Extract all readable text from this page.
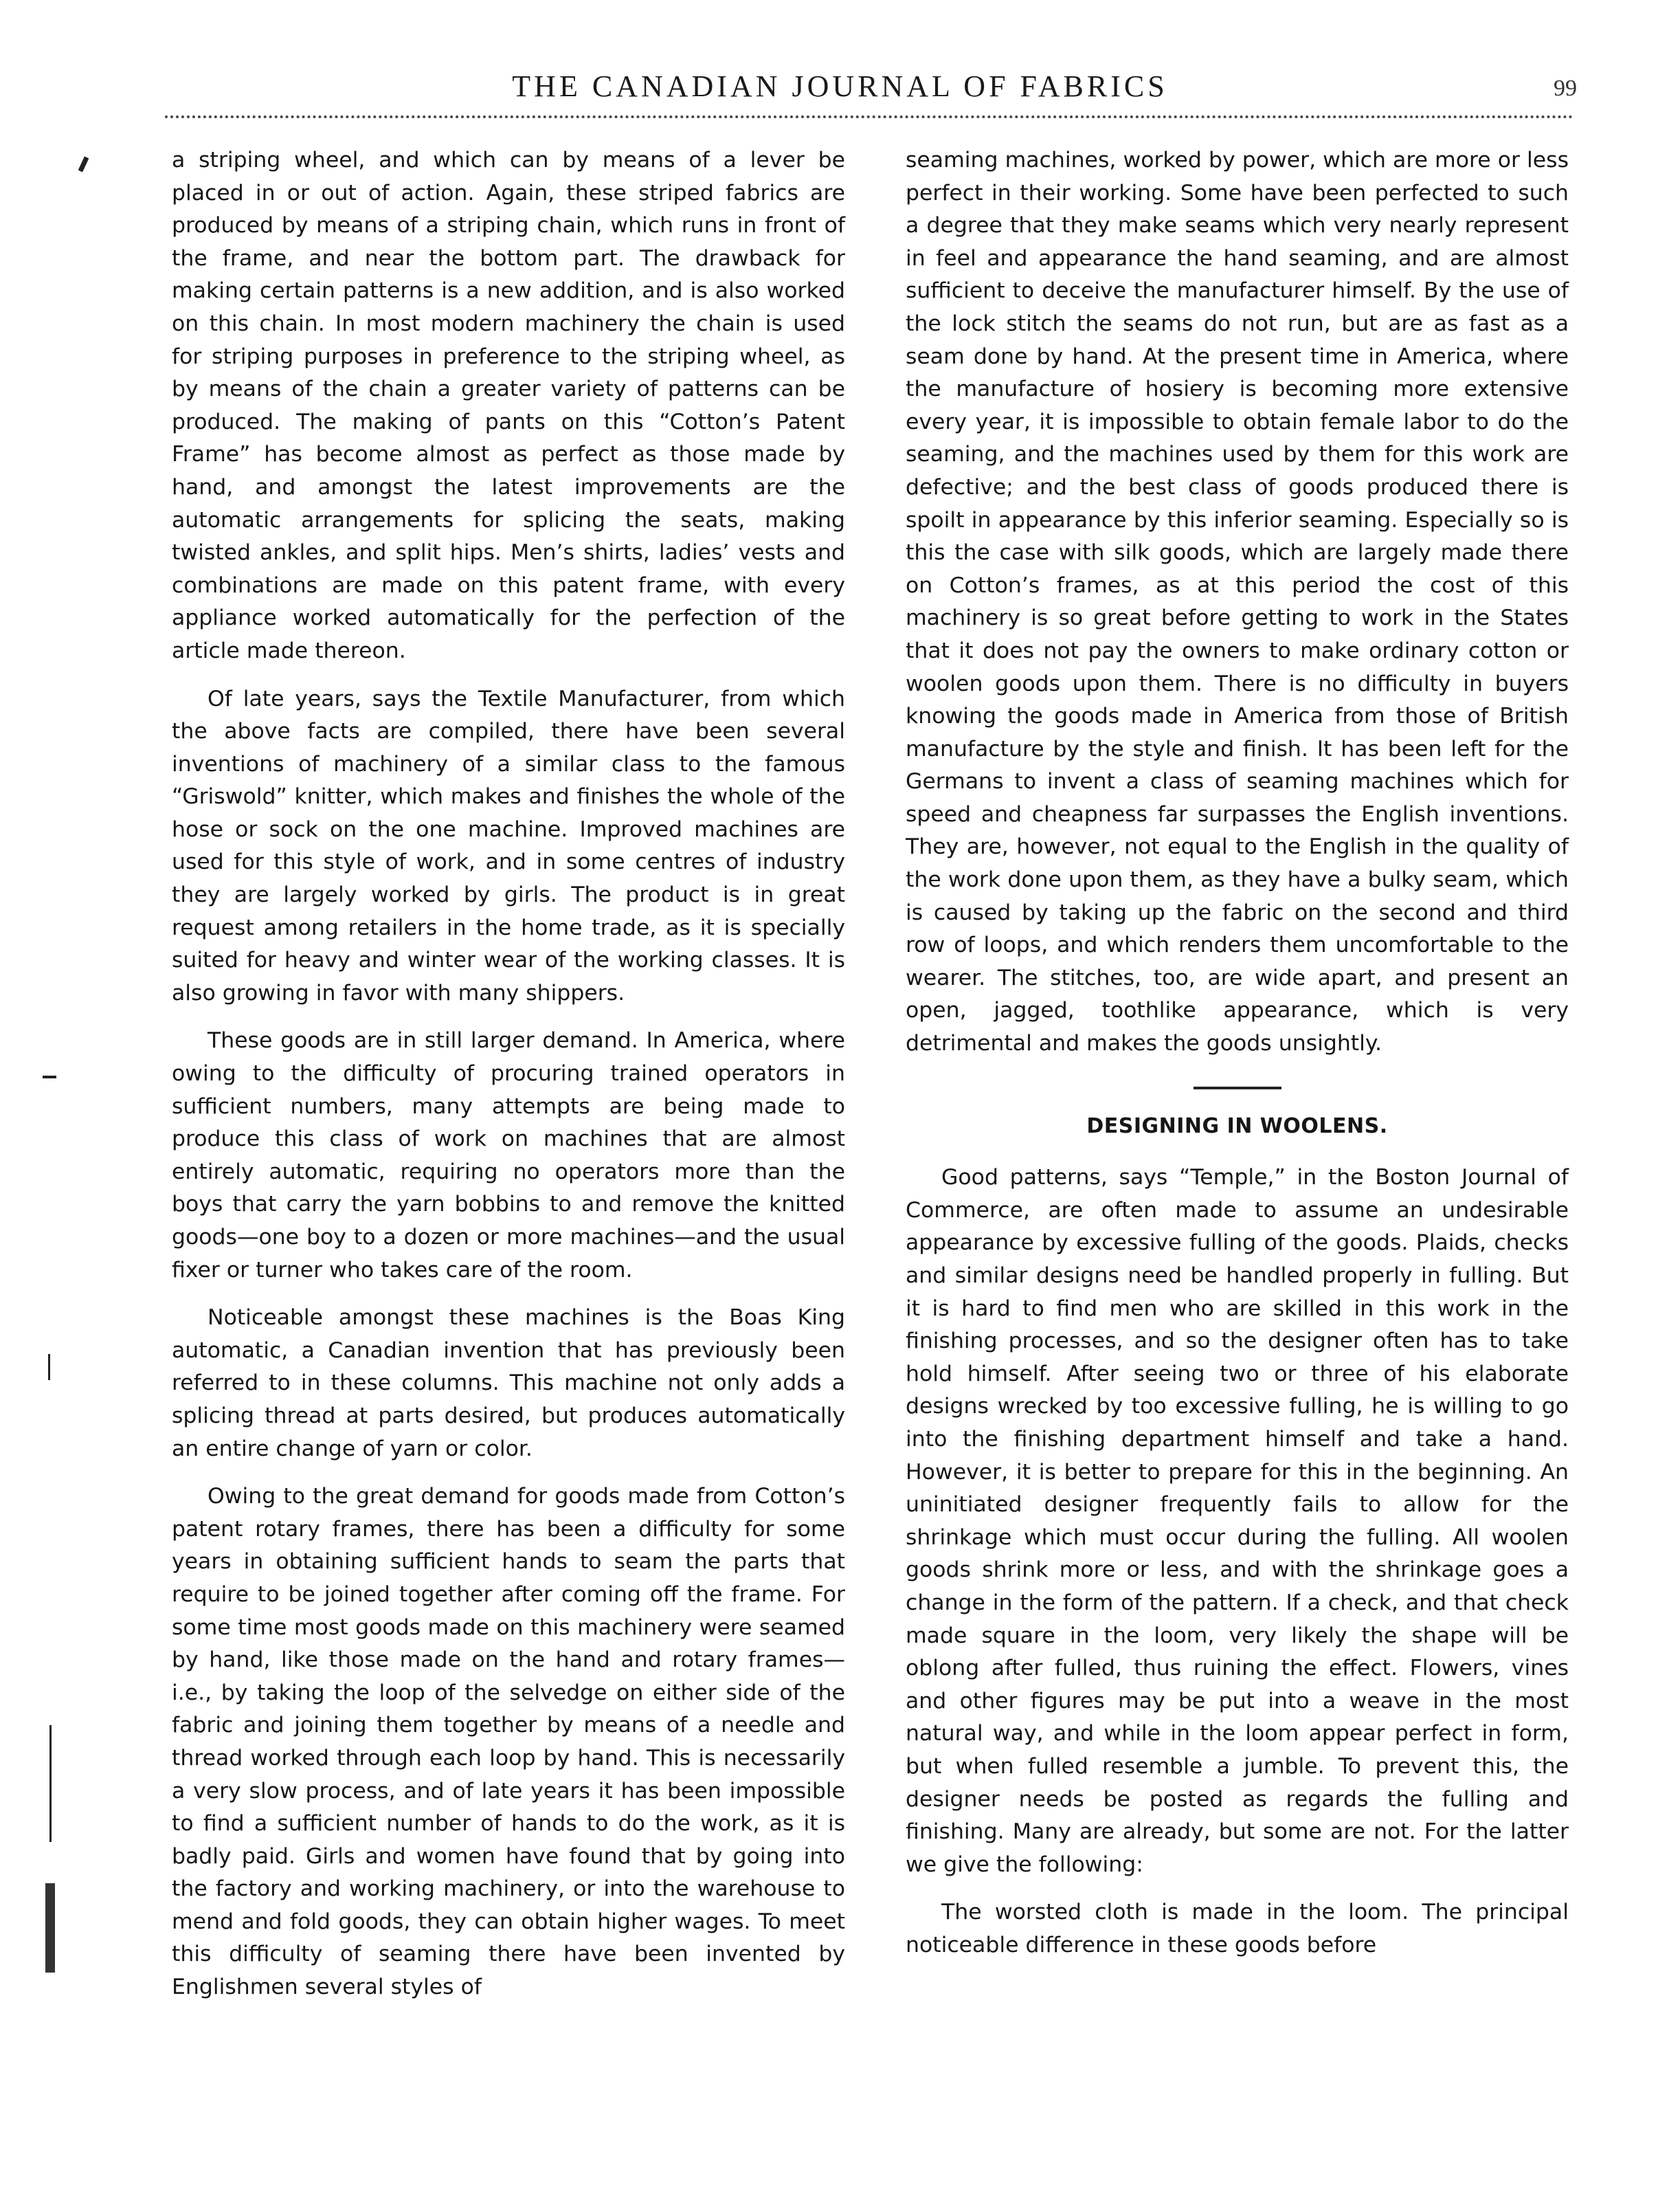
THE CANADIAN JOURNAL OF FABRICS	99

a striping wheel, and which can by means of a lever be placed in or out of action. Again, these striped fabrics are produced by means of a striping chain, which runs in front of the frame, and near the bottom part. The drawback for making certain patterns is a new addition, and is also worked on this chain. In most modern machinery the chain is used for striping purposes in preference to the striping wheel, as by means of the chain a greater variety of patterns can be produced. The making of pants on this “Cotton’s Patent Frame” has become almost as perfect as those made by hand, and amongst the latest improvements are the automatic arrangements for splicing the seats, making twisted ankles, and split hips. Men’s shirts, ladies’ vests and combinations are made on this patent frame, with every appliance worked automatically for the perfection of the article made thereon.

Of late years, says the Textile Manufacturer, from which the above facts are compiled, there have been several inventions of machinery of a similar class to the famous “Griswold” knitter, which makes and finishes the whole of the hose or sock on the one machine. Improved machines are used for this style of work, and in some centres of industry they are largely worked by girls. The product is in great request among retailers in the home trade, as it is specially suited for heavy and winter wear of the working classes. It is also growing in favor with many shippers.

These goods are in still larger demand. In America, where owing to the difficulty of procuring trained operators in sufficient numbers, many attempts are being made to produce this class of work on machines that are almost entirely automatic, requiring no operators more than the boys that carry the yarn bobbins to and remove the knitted goods—one boy to a dozen or more machines—and the usual fixer or turner who takes care of the room.

Noticeable amongst these machines is the Boas King automatic, a Canadian invention that has previously been referred to in these columns. This machine not only adds a splicing thread at parts desired, but produces automatically an entire change of yarn or color.

Owing to the great demand for goods made from Cotton’s patent rotary frames, there has been a difficulty for some years in obtaining sufficient hands to seam the parts that require to be joined together after coming off the frame. For some time most goods made on this machinery were seamed by hand, like those made on the hand and rotary frames—i.e., by taking the loop of the selvedge on either side of the fabric and joining them together by means of a needle and thread worked through each loop by hand. This is necessarily a very slow process, and of late years it has been impossible to find a sufficient number of hands to do the work, as it is badly paid. Girls and women have found that by going into the factory and working machinery, or into the warehouse to mend and fold goods, they can obtain higher wages. To meet this difficulty of seaming there have been invented by Englishmen several styles of

seaming machines, worked by power, which are more or less perfect in their working. Some have been perfected to such a degree that they make seams which very nearly represent in feel and appearance the hand seaming, and are almost sufficient to deceive the manufacturer himself. By the use of the lock stitch the seams do not run, but are as fast as a seam done by hand. At the present time in America, where the manufacture of hosiery is becoming more extensive every year, it is impossible to obtain female labor to do the seaming, and the machines used by them for this work are defective; and the best class of goods produced there is spoilt in appearance by this inferior seaming. Especially so is this the case with silk goods, which are largely made there on Cotton’s frames, as at this period the cost of this machinery is so great before getting to work in the States that it does not pay the owners to make ordinary cotton or woolen goods upon them. There is no difficulty in buyers knowing the goods made in America from those of British manufacture by the style and finish. It has been left for the Germans to invent a class of seaming machines which for speed and cheapness far surpasses the English inventions. They are, however, not equal to the English in the quality of the work done upon them, as they have a bulky seam, which is caused by taking up the fabric on the second and third row of loops, and which renders them uncomfortable to the wearer. The stitches, too, are wide apart, and present an open, jagged, toothlike appearance, which is very detrimental and makes the goods unsightly.

DESIGNING IN WOOLENS.

Good patterns, says “Temple,” in the Boston Journal of Commerce, are often made to assume an undesirable appearance by excessive fulling of the goods. Plaids, checks and similar designs need be handled properly in fulling. But it is hard to find men who are skilled in this work in the finishing processes, and so the designer often has to take hold himself. After seeing two or three of his elaborate designs wrecked by too excessive fulling, he is willing to go into the finishing department himself and take a hand. However, it is better to prepare for this in the beginning. An uninitiated designer frequently fails to allow for the shrinkage which must occur during the fulling. All woolen goods shrink more or less, and with the shrinkage goes a change in the form of the pattern. If a check, and that check made square in the loom, very likely the shape will be oblong after fulled, thus ruining the effect. Flowers, vines and other figures may be put into a weave in the most natural way, and while in the loom appear perfect in form, but when fulled resemble a jumble. To prevent this, the designer needs be posted as regards the fulling and finishing. Many are already, but some are not. For the latter we give the following:

The worsted cloth is made in the loom. The principal noticeable difference in these goods before
